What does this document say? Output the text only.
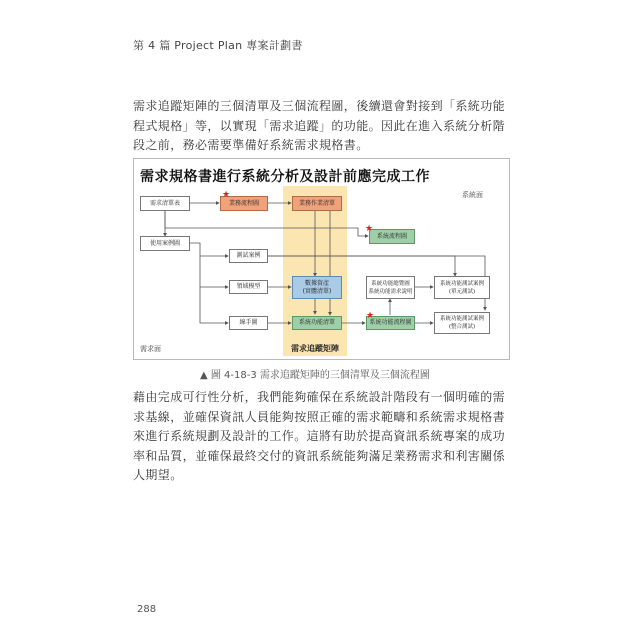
第 4 篇 Project Plan 專案計劃書
需求追蹤矩陣的三個清單及三個流程圖，後續還會對接到「系統功能程式規格」等，以實現「需求追蹤」的功能。因此在進入系統分析階段之前，務必需要準備好系統需求規格書。
需求規格書進行系統分析及設計前應完成工作
系統面
需求面	需求追蹤矩陣
需求清單表	業務流程圖	業務作業清單
系統流程圖
使用案例圖
測試案例
領域模型	數據資產
(實體清單)
系統功能總覽圖
系統功能需求說明
系統功能測試案例
(單元測試)
線手圖	系統功能清單	系統功能流程圖	系統功能測試案例
(整合測試)
★
★
★
▲ 圖 4-18-3 需求追蹤矩陣的三個清單及三個流程圖
藉由完成可行性分析，我們能夠確保在系統設計階段有一個明確的需求基線，並確保資訊人員能夠按照正確的需求範疇和系統需求規格書來進行系統規劃及設計的工作。這將有助於提高資訊系統專案的成功率和品質，並確保最終交付的資訊系統能夠滿足業務需求和利害關係人期望。
288
